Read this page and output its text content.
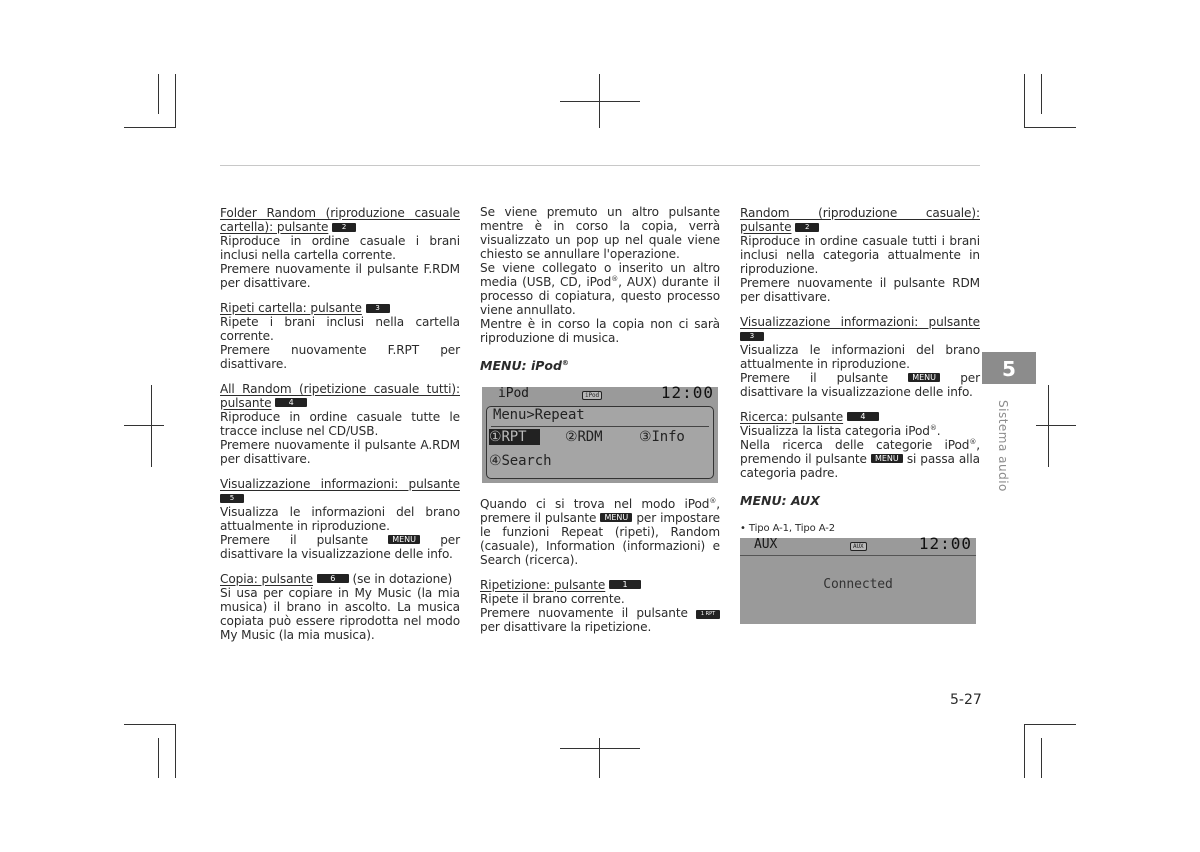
Folder Random (riproduzione casuale cartella): pulsante 2

Riproduce in ordine casuale i brani inclusi nella cartella corrente.

Premere nuovamente il pulsante F.RDM per disattivare.

Ripeti cartella: pulsante 3

Ripete i brani inclusi nella cartella corrente.

Premere nuovamente F.RPT per disattivare.

All Random (ripetizione casuale tutti): pulsante 4

Riproduce in ordine casuale tutte le tracce incluse nel CD/USB.

Premere nuovamente il pulsante A.RDM per disattivare.

Visualizzazione informazioni: pulsante 5

Visualizza le informazioni del brano attualmente in riproduzione.

Premere il pulsante	MENU per disattivare la visualizzazione delle info.

Copia: pulsante 6 (se in dotazione)

Si usa per copiare in My Music (la mia musica) il brano in ascolto. La musica copiata può essere riprodotta nel modo My Music (la mia musica).

Se viene premuto un altro pulsante mentre è in corso la copia, verrà visualizzato un pop up nel quale viene chiesto se annullare l'operazione.

Se viene collegato o inserito un altro media (USB, CD, iPod®, AUX) durante il processo di copiatura, questo processo viene annullato.

Mentre è in corso la copia non ci sarà riproduzione di musica.

MENU: iPod®
iPod	iPod	12:00
Menu>Repeat
①RPT	②RDM	③Info
④Search

Quando ci si trova nel modo iPod®, premere il pulsante MENU per impostare le funzioni Repeat (ripeti), Random (casuale), Information (informazioni) e Search (ricerca).

Ripetizione: pulsante 1

Ripete il brano corrente.

Premere nuovamente il pulsante	1 RPT per disattivare la ripetizione.

Random (riproduzione casuale): pulsante 2

Riproduce in ordine casuale tutti i brani inclusi nella categoria attualmente in riproduzione.

Premere nuovamente il pulsante RDM per disattivare.

Visualizzazione informazioni: pulsante 3

Visualizza le informazioni del brano attualmente in riproduzione.

Premere il pulsante	MENU per disattivare la visualizzazione delle info.

Ricerca: pulsante 4

Visualizza la lista categoria iPod®.

Nella ricerca delle categorie iPod®, premendo il pulsante MENU si passa alla categoria padre.

MENU: AUX
• Tipo A-1, Tipo A-2
AUX	AUX	12:00
Connected
5
Sistema audio
5-27
